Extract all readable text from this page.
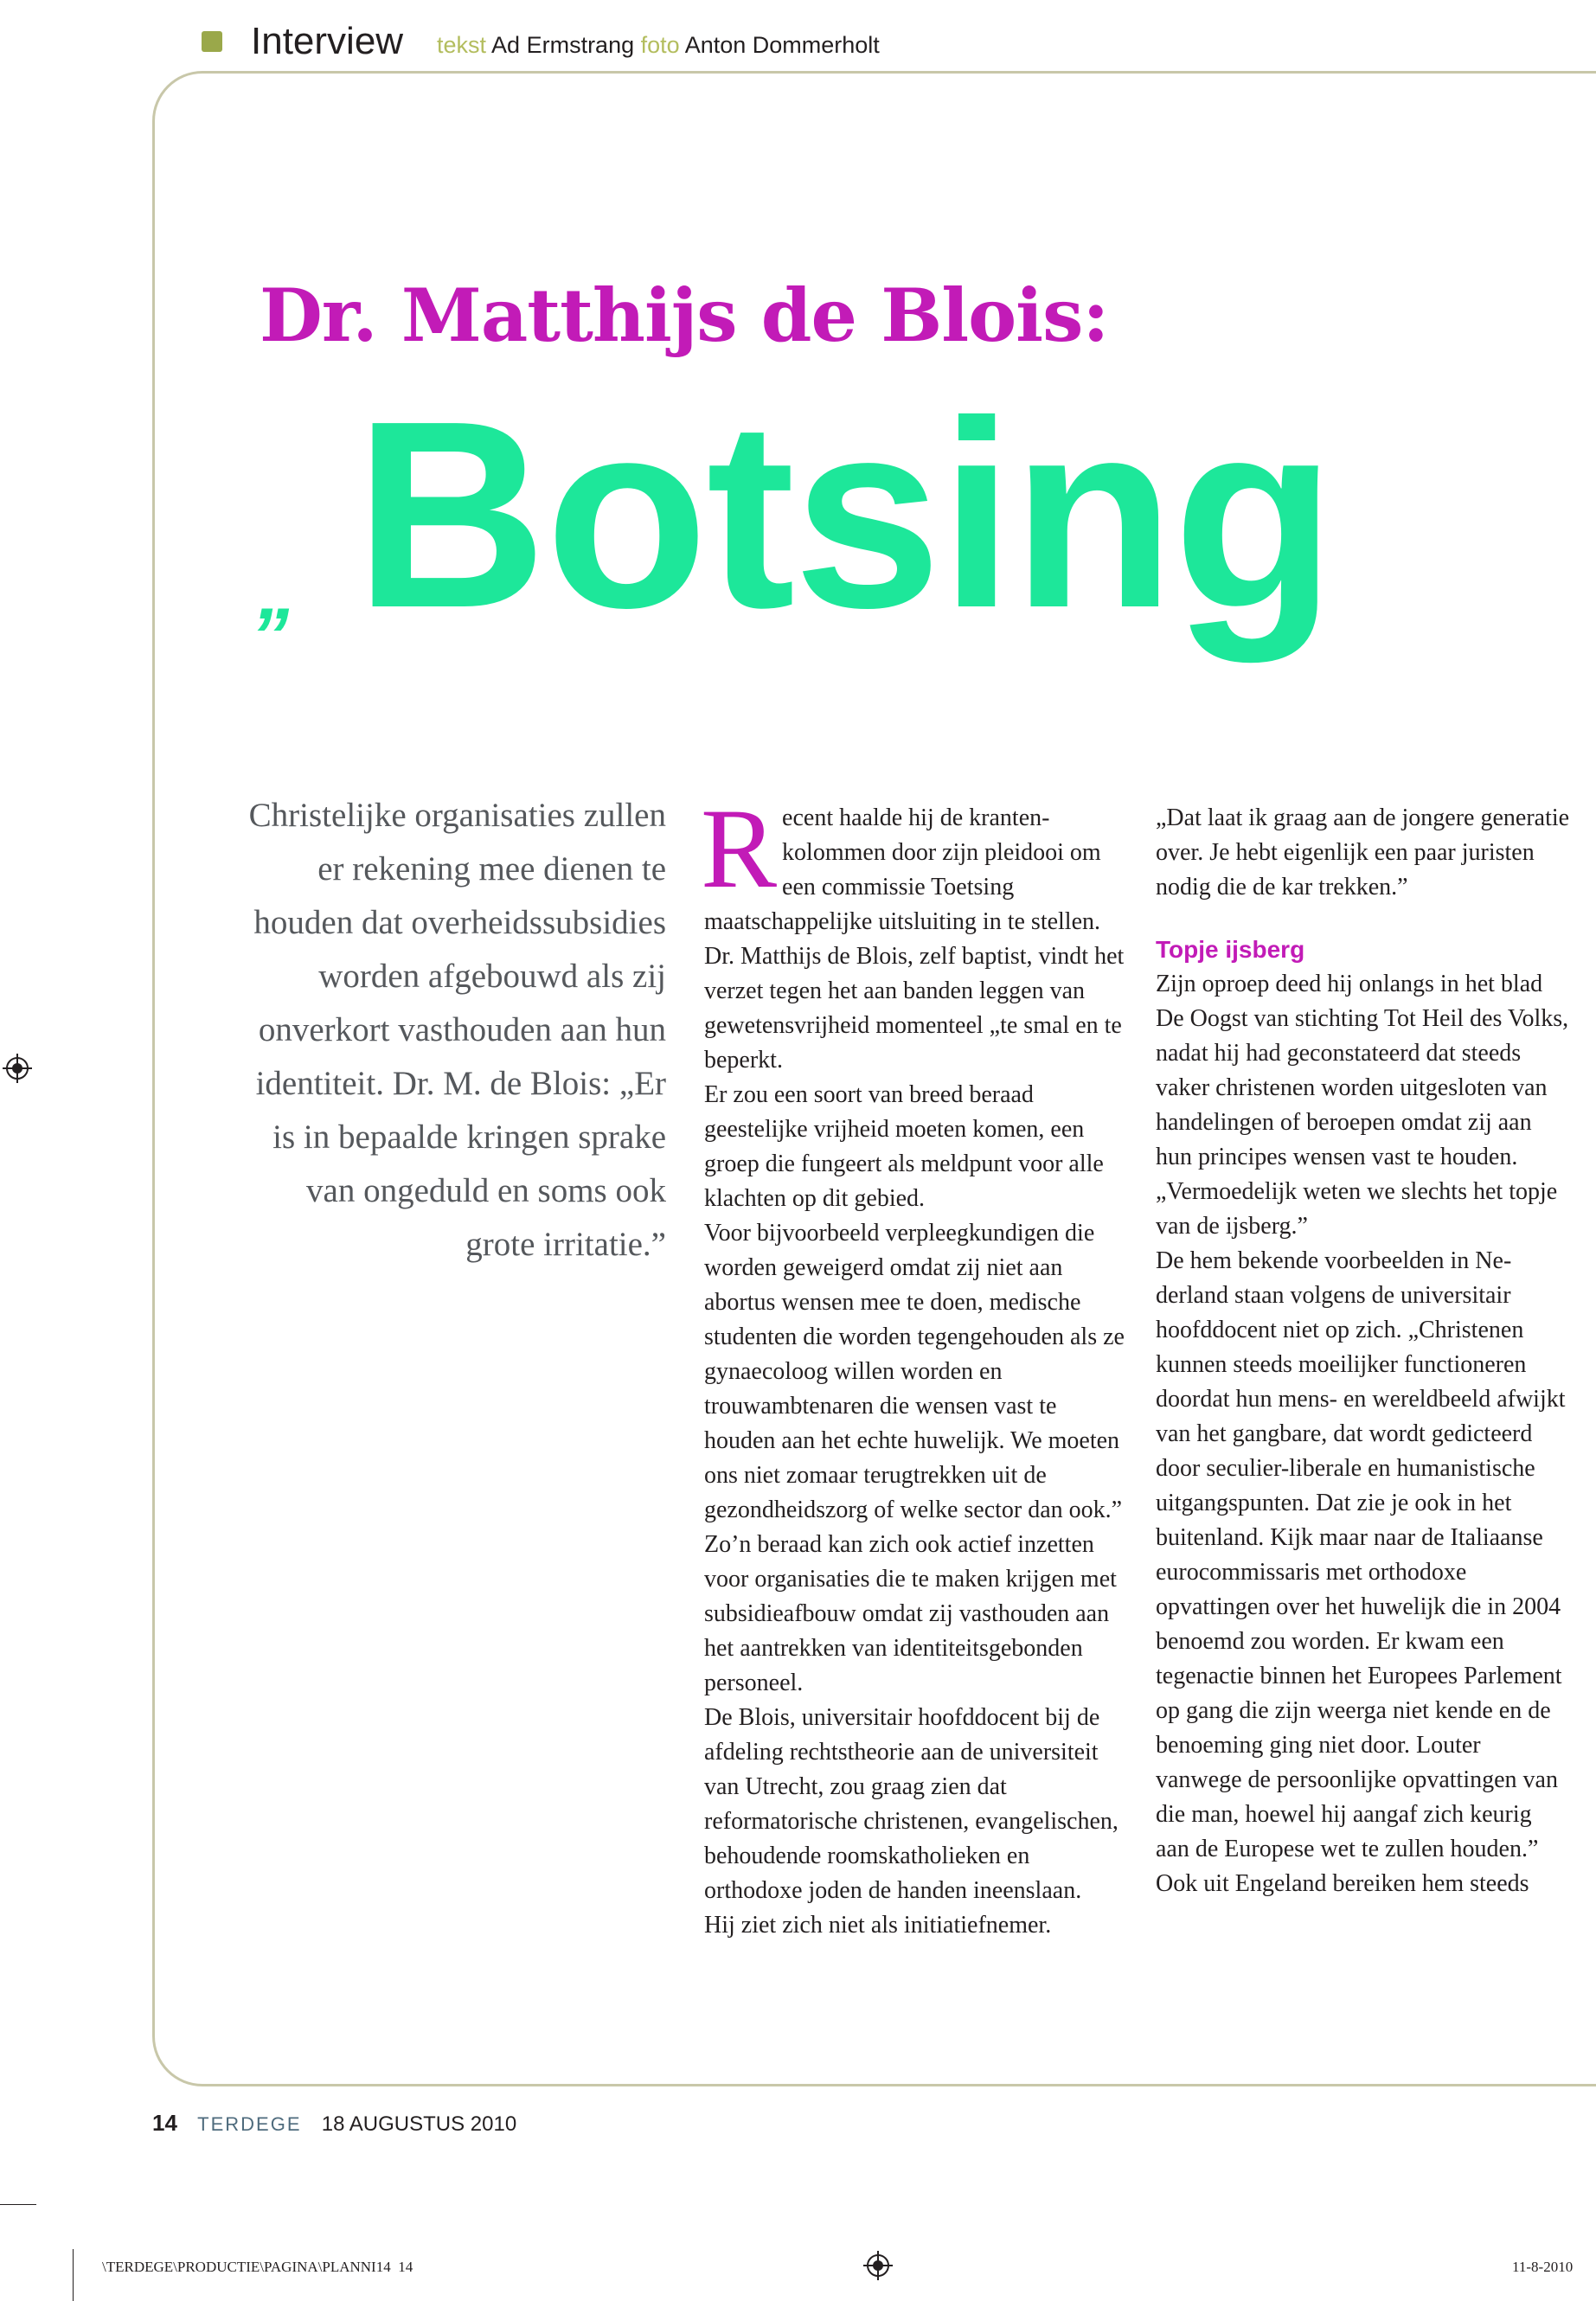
Interview tekst Ad Ermstrang foto Anton Dommerholt
Dr. Matthijs de Blois:
„ Botsing

Christelijke organisaties zullen er rekening mee dienen te houden dat overheidssubsidies worden afgebouwd als zij onverkort vasthouden aan hun identiteit. Dr. M. de Blois: „Er is in bepaalde kringen sprake van ongeduld en soms ook grote irritatie.”

Recent haalde hij de krantenkolommen door zijn pleidooi om een commissie Toetsing maatschappelijke uitsluiting in te stellen. Dr. Matthijs de Blois, zelf baptist, vindt het verzet tegen het aan banden leggen van gewetensvrijheid momenteel „te smal en te beperkt.

Er zou een soort van breed beraad geestelijke vrijheid moeten komen, een groep die fungeert als meldpunt voor alle klachten op dit gebied.

Voor bijvoorbeeld verpleegkundigen die worden geweigerd omdat zij niet aan abortus wensen mee te doen, medische studenten die worden tegengehouden als ze gynaecoloog willen worden en trouwambtenaren die wensen vast te houden aan het echte huwelijk. We moeten ons niet zomaar terugtrekken uit de gezondheidszorg of welke sector dan ook.”

Zo’n beraad kan zich ook actief inzetten voor organisaties die te maken krijgen met subsidieafbouw omdat zij vasthouden aan het aantrekken van identiteitsgebonden personeel.

De Blois, universitair hoofddocent bij de afdeling rechtstheorie aan de universiteit van Utrecht, zou graag zien dat reformatorische christenen, evangelischen, behoudende roomskatholieken en orthodoxe joden de handen ineenslaan.

Hij ziet zich niet als initiatiefnemer.

„Dat laat ik graag aan de jongere generatie over. Je hebt eigenlijk een paar juristen nodig die de kar trekken.”

Topje ijsberg

Zijn oproep deed hij onlangs in het blad De Oogst van stichting Tot Heil des Volks, nadat hij had geconstateerd dat steeds vaker christenen worden uitgesloten van handelingen of beroepen omdat zij aan hun principes wensen vast te houden. „Vermoedelijk weten we slechts het topje van de ijsberg.”

De hem bekende voorbeelden in Nederland staan volgens de universitair hoofddocent niet op zich. „Christenen kunnen steeds moeilijker functioneren doordat hun mens- en wereldbeeld afwijkt van het gangbare, dat wordt gedicteerd door seculier-liberale en humanistische uitgangspunten. Dat zie je ook in het buitenland. Kijk maar naar de Italiaanse eurocommissaris met orthodoxe opvattingen over het huwelijk die in 2004 benoemd zou worden. Er kwam een tegenactie binnen het Europees Parlement op gang die zijn weerga niet kende en de benoeming ging niet door. Louter vanwege de persoonlijke opvattingen van die man, hoewel hij aangaf zich keurig aan de Europese wet te zullen houden.” Ook uit Engeland bereiken hem steeds

14 TERDEGE 18 AUGUSTUS 2010
\TERDEGE\PRODUCTIE\PAGINA\PLANNI14 14	11-8-2010
